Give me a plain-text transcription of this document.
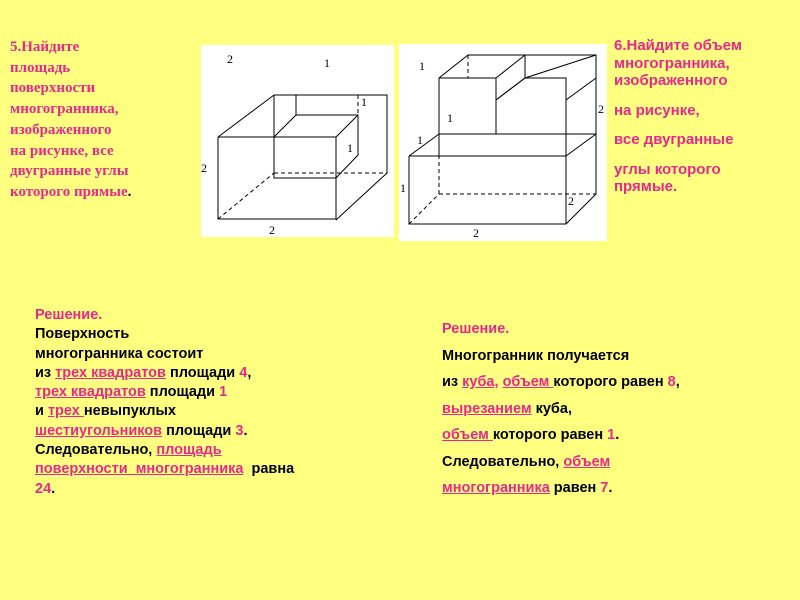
5.Найдите
площадь
поверхности
многогранника,
изображенного
на рисунке, все
двугранные углы
которого прямые.
2	1
1
1
2
2
1
1
1
1
2
2
2
6.Найдите объем
многогранника,
изображенного
на рисунке,
все двугранные
углы которого
прямые.
Решение.
Поверхность
многогранника состоит
из трех квадратов площади 4,
трех квадратов площади 1
и трех невыпуклых
шестиугольников площади 3.
Следовательно, площадь
поверхности  многогранника  равна
24.
Решение.
Многогранник получается
из куба, объем которого равен 8,
вырезанием куба,
объем которого равен 1.
Следовательно, объем
многогранника равен 7.
